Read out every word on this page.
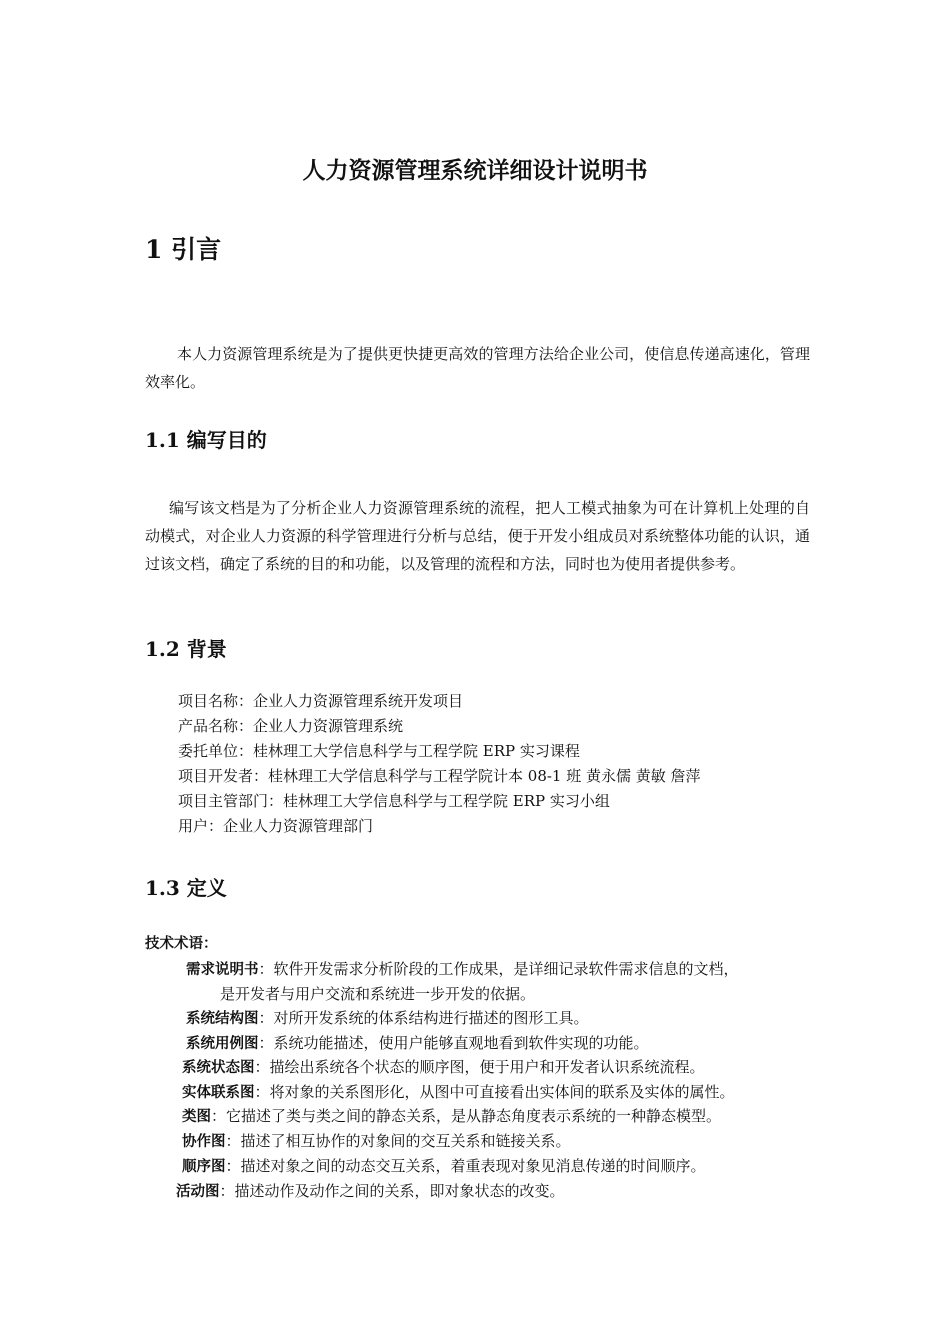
人力资源管理系统详细设计说明书
1 引言
本人力资源管理系统是为了提供更快捷更高效的管理方法给企业公司，使信息传递高速化，管理效率化。
1.1 编写目的
编写该文档是为了分析企业人力资源管理系统的流程，把人工模式抽象为可在计算机上处理的自动模式，对企业人力资源的科学管理进行分析与总结，便于开发小组成员对系统整体功能的认识，通过该文档，确定了系统的目的和功能，以及管理的流程和方法，同时也为使用者提供参考。
1.2 背景
项目名称：企业人力资源管理系统开发项目
产品名称：企业人力资源管理系统
委托单位：桂林理工大学信息科学与工程学院 ERP 实习课程
项目开发者：桂林理工大学信息科学与工程学院计本 08-1 班 黄永儒 黄敏 詹萍
项目主管部门：桂林理工大学信息科学与工程学院 ERP 实习小组
用户：企业人力资源管理部门
1.3 定义
技术术语：
需求说明书：软件开发需求分析阶段的工作成果，是详细记录软件需求信息的文档，
是开发者与用户交流和系统进一步开发的依据。
系统结构图：对所开发系统的体系结构进行描述的图形工具。
系统用例图：系统功能描述，使用户能够直观地看到软件实现的功能。
系统状态图：描绘出系统各个状态的顺序图，便于用户和开发者认识系统流程。
实体联系图：将对象的关系图形化，从图中可直接看出实体间的联系及实体的属性。
类图：它描述了类与类之间的静态关系，是从静态角度表示系统的一种静态模型。
协作图：描述了相互协作的对象间的交互关系和链接关系。
顺序图：描述对象之间的动态交互关系，着重表现对象见消息传递的时间顺序。
活动图：描述动作及动作之间的关系，即对象状态的改变。
